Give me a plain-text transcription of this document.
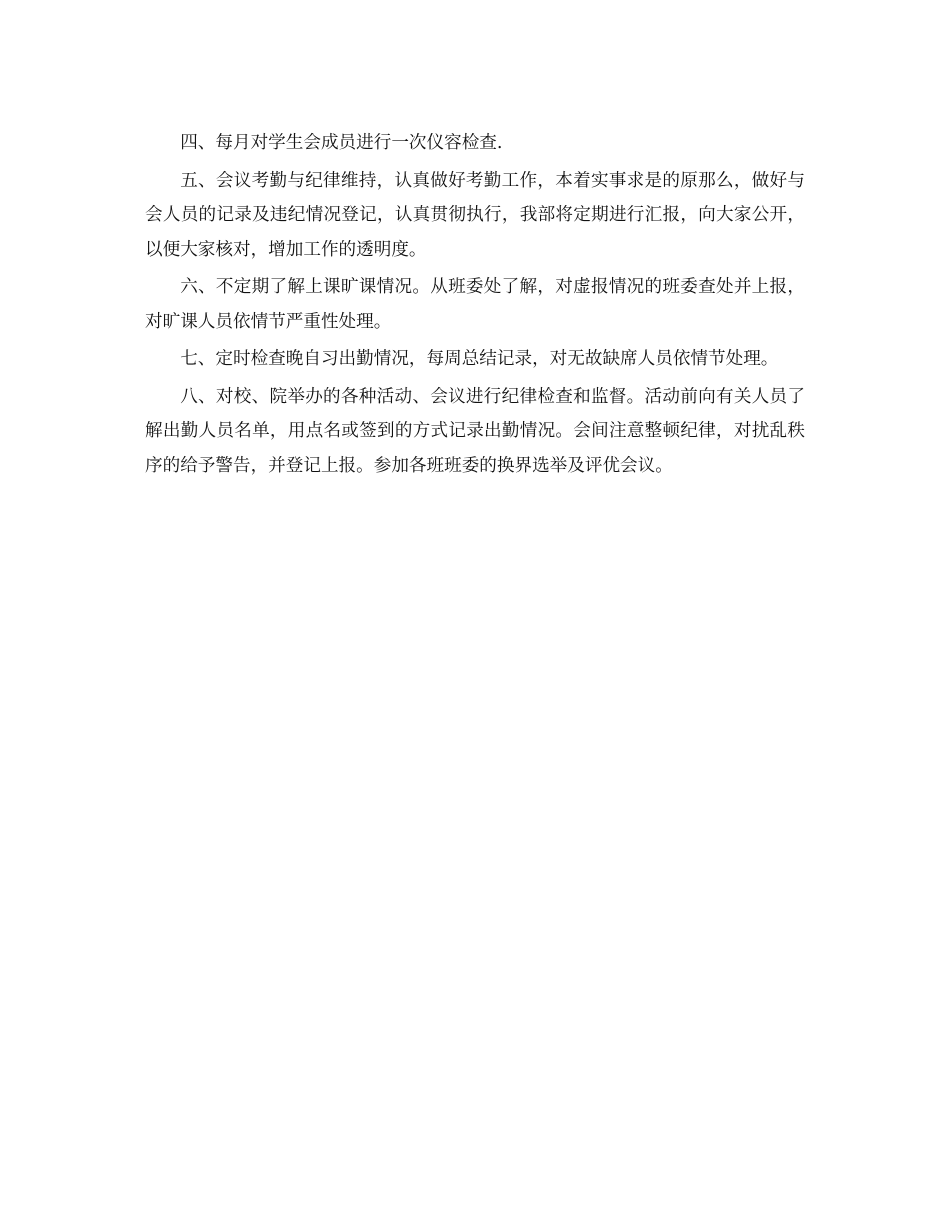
四、每月对学生会成员进行一次仪容检查.

五、会议考勤与纪律维持，认真做好考勤工作，本着实事求是的原那么，做好与会人员的记录及违纪情况登记，认真贯彻执行，我部将定期进行汇报，向大家公开，以便大家核对，增加工作的透明度。

六、不定期了解上课旷课情况。从班委处了解，对虚报情况的班委查处并上报，对旷课人员依情节严重性处理。

七、定时检查晚自习出勤情况，每周总结记录，对无故缺席人员依情节处理。

八、对校、院举办的各种活动、会议进行纪律检查和监督。活动前向有关人员了解出勤人员名单，用点名或签到的方式记录出勤情况。会间注意整顿纪律，对扰乱秩序的给予警告，并登记上报。参加各班班委的换界选举及评优会议。
